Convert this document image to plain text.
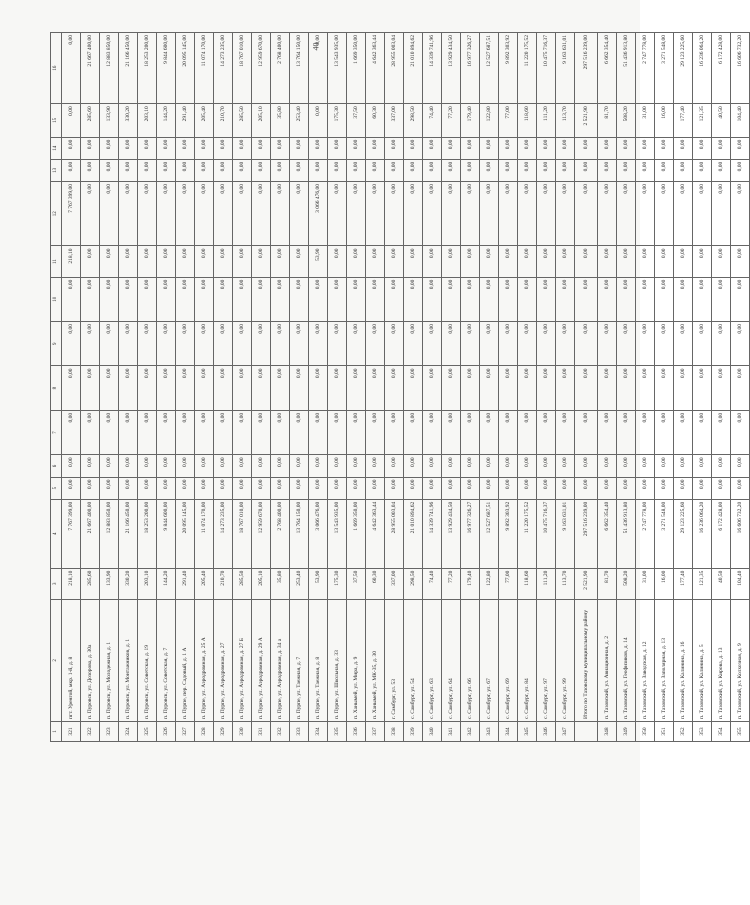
40
1	2	3	4	5	6	7	8	9	10	11	12	13	14	15	16
321	пгт. Уренгой, мкр. 1-й, д. 8	218,10	7 767 399,00	0,00	0,00	0,00	0,00	0,00	0,00	218,10	7 767 399,00	0,00	0,00	0,00	0,00
322	п. Пуровск, ул. Дозорова, д. 30а	285,60	21 667 400,00	0,00	0,00	0,00	0,00	0,00	0,00	0,00	0,00	0,00	0,00	285,60	21 667 400,00
323	п. Пуровск, ул. Молодежная, д. 1	133,90	12 883 850,00	0,00	0,00	0,00	0,00	0,00	0,00	0,00	0,00	0,00	0,00	133,90	12 883 850,00
324	п. Пуровск, ул. Монтажников, д. 1	330,20	21 166 450,00	0,00	0,00	0,00	0,00	0,00	0,00	0,00	0,00	0,00	0,00	330,20	21 166 450,00
325	п. Пуровск, ул. Советская, д. 19	203,10	18 253 200,00	0,00	0,00	0,00	0,00	0,00	0,00	0,00	0,00	0,00	0,00	203,10	18 253 200,00
326	п. Пуровск, ул. Советская, д. 7	144,20	9 844 600,00	0,00	0,00	0,00	0,00	0,00	0,00	0,00	0,00	0,00	0,00	144,20	9 844 600,00
327	п. Пурпе, пер. Садовый, д. 1 А	291,40	20 095 145,00	0,00	0,00	0,00	0,00	0,00	0,00	0,00	0,00	0,00	0,00	291,40	20 095 145,00
328	п. Пурпе, ул. Аэродромная, д. 25 А	205,40	11 074 170,00	0,00	0,00	0,00	0,00	0,00	0,00	0,00	0,00	0,00	0,00	205,40	11 074 170,00
329	п. Пурпе, ул. Аэродромная, д. 27	210,70	14 273 235,00	0,00	0,00	0,00	0,00	0,00	0,00	0,00	0,00	0,00	0,00	210,70	14 273 235,00
330	п. Пурпе, ул. Аэродромная, д. 27 Б	285,50	18 767 010,00	0,00	0,00	0,00	0,00	0,00	0,00	0,00	0,00	0,00	0,00	285,50	18 767 010,00
331	п. Пурпе, ул. Аэродромная, д. 29 А	205,10	12 959 670,00	0,00	0,00	0,00	0,00	0,00	0,00	0,00	0,00	0,00	0,00	205,10	12 959 670,00
332	п. Пурпе, ул. Аэродромная, д. 34 а	35,80	2 768 400,00	0,00	0,00	0,00	0,00	0,00	0,00	0,00	0,00	0,00	0,00	35,80	2 768 400,00
333	п. Пурпе, ул. Таежная, д. 7	253,40	13 764 150,00	0,00	0,00	0,00	0,00	0,00	0,00	0,00	0,00	0,00	0,00	253,40	13 764 150,00
334	п. Пурпе, ул. Таежная, д. 8	53,90	3 066 476,00	0,00	0,00	0,00	0,00	0,00	0,00	53,90	3 066 476,00	0,00	0,00	0,00	0,00
335	п. Пурпе, ул. Школьная, д. 33	175,30	13 543 935,00	0,00	0,00	0,00	0,00	0,00	0,00	0,00	0,00	0,00	0,00	175,30	13 543 935,00
336	п. Ханымей, ул. Мира, д. 9	37,50	1 669 350,00	0,00	0,00	0,00	0,00	0,00	0,00	0,00	0,00	0,00	0,00	37,50	1 669 350,00
337	п. Ханымей, ул. МК-35, д. 30	60,30	4 642 363,44	0,00	0,00	0,00	0,00	0,00	0,00	0,00	0,00	0,00	0,00	60,30	4 642 363,44
338	г. Самбург, ул. 53	337,00	28 955 003,04	0,00	0,00	0,00	0,00	0,00	0,00	0,00	0,00	0,00	0,00	337,00	28 955 003,04
339	с. Самбург, ул. 54	298,50	21 010 894,62	0,00	0,00	0,00	0,00	0,00	0,00	0,00	0,00	0,00	0,00	298,50	21 010 894,62
340	с. Самбург, ул. 63	74,40	14 339 741,96	0,00	0,00	0,00	0,00	0,00	0,00	0,00	0,00	0,00	0,00	74,40	14 339 741,96
341	с. Самбург, ул. 64	77,20	13 929 434,50	0,00	0,00	0,00	0,00	0,00	0,00	0,00	0,00	0,00	0,00	77,20	13 929 434,50
342	с. Самбург, ул. 66	179,40	16 977 326,27	0,00	0,00	0,00	0,00	0,00	0,00	0,00	0,00	0,00	0,00	179,40	16 977 326,27
343	с. Самбург, ул. 67	122,80	12 527 687,51	0,00	0,00	0,00	0,00	0,00	0,00	0,00	0,00	0,00	0,00	122,80	12 527 687,51
344	с. Самбург, ул. 69	77,00	9 892 303,92	0,00	0,00	0,00	0,00	0,00	0,00	0,00	0,00	0,00	0,00	77,00	9 892 303,92
345	с. Самбург, ул. 84	118,60	11 220 175,52	0,00	0,00	0,00	0,00	0,00	0,00	0,00	0,00	0,00	0,00	118,60	11 220 175,52
346	с. Самбург, ул. 97	111,20	10 475 716,37	0,00	0,00	0,00	0,00	0,00	0,00	0,00	0,00	0,00	0,00	111,20	10 475 716,37
347	с. Самбург, ул. 99	113,70	9 163 631,01	0,00	0,00	0,00	0,00	0,00	0,00	0,00	0,00	0,00	0,00	113,70	9 163 631,01
	Итого по Тазовскому муниципальному району	2 521,90	297 516 239,00	0,00	0,00	0,00	0,00	0,00	0,00	0,00	0,00	0,00	0,00	2 521,90	297 516 239,00
348	п. Тазовский, ул. Авиационная, д. 2	81,70	6 662 354,40	0,00	0,00	0,00	0,00	0,00	0,00	0,00	0,00	0,00	0,00	81,70	6 662 354,40
349	п. Тазовский, ул. Геофизиков, д. 14	508,20	51 436 913,80	0,00	0,00	0,00	0,00	0,00	0,00	0,00	0,00	0,00	0,00	508,20	51 436 913,80
350	п. Тазовский, ул. Заводская, д. 12	31,00	2 747 778,00	0,00	0,00	0,00	0,00	0,00	0,00	0,00	0,00	0,00	0,00	31,00	2 747 778,00
351	п. Тазовский, ул. Заполярная, д. 13	16,00	3 271 548,00	0,00	0,00	0,00	0,00	0,00	0,00	0,00	0,00	0,00	0,00	16,00	3 271 548,00
352	п. Тазовский, ул. Калинина, д. 16	177,40	29 123 225,60	0,00	0,00	0,00	0,00	0,00	0,00	0,00	0,00	0,00	0,00	177,40	29 123 225,60
353	п. Тазовский, ул. Калинина, д. 5	121,35	16 236 064,20	0,00	0,00	0,00	0,00	0,00	0,00	0,00	0,00	0,00	0,00	121,35	16 236 064,20
354	п. Тазовский, ул. Кирова, д. 13	40,50	6 172 428,00	0,00	0,00	0,00	0,00	0,00	0,00	0,00	0,00	0,00	0,00	40,50	6 172 428,00
355	п. Тазовский, ул. Колхозная, д. 9	104,40	16 606 732,20	0,00	0,00	0,00	0,00	0,00	0,00	0,00	0,00	0,00	0,00	104,40	16 606 732,20
